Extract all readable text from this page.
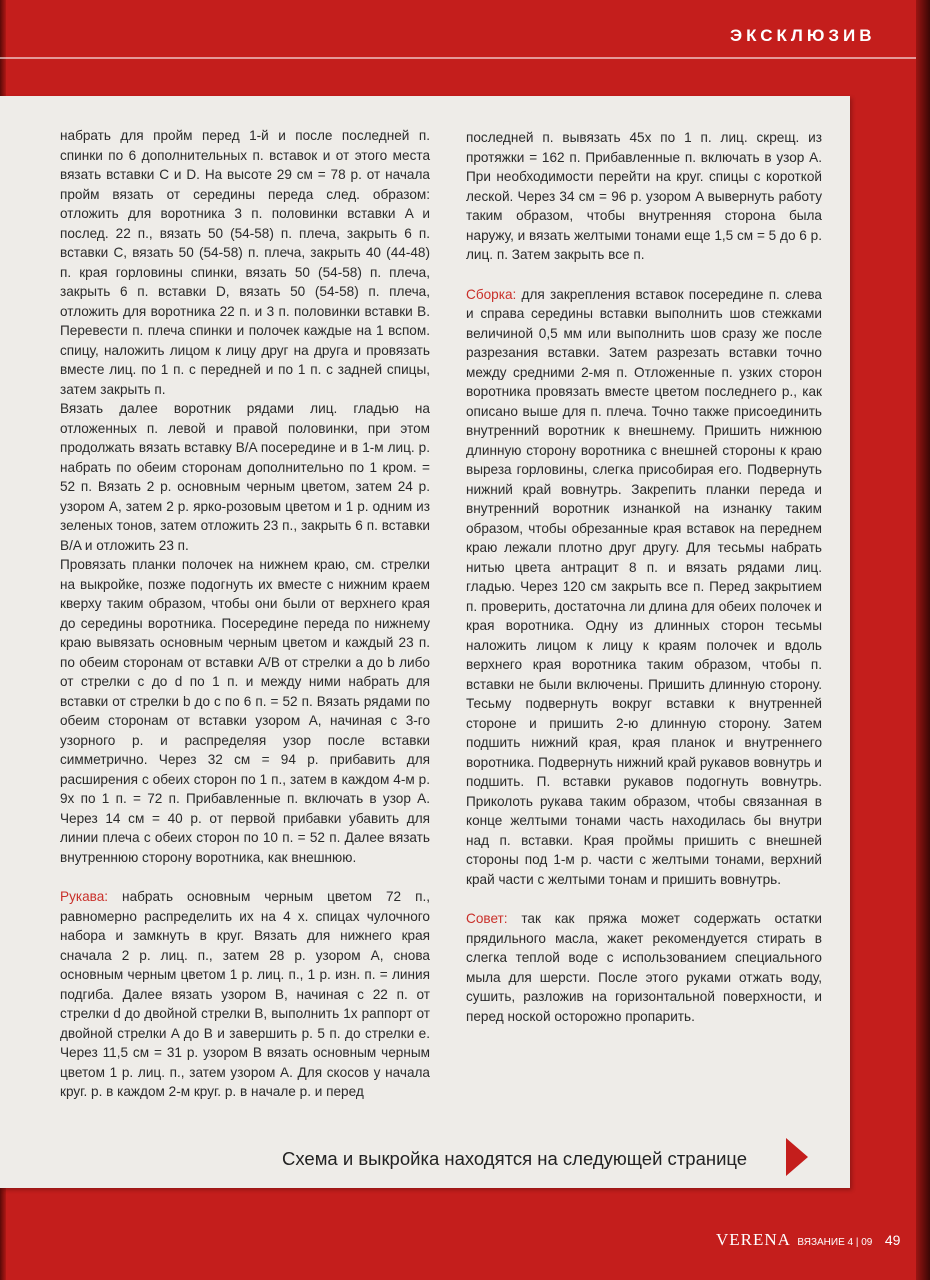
ЭКСКЛЮЗИВ

набрать для пройм перед 1-й и после последней п. спинки по 6 дополнительных п. вставок и от этого места вязать вставки C и D. На высоте 29 см = 78 р. от начала пройм вязать от середины переда след. образом: отложить для воротника 3 п. половинки вставки A и послед. 22 п., вязать 50 (54-58) п. плеча, закрыть 6 п. вставки C, вязать 50 (54-58) п. плеча, закрыть 40 (44-48) п. края горловины спинки, вязать 50 (54-58) п. плеча, закрыть 6 п. вставки D, вязать 50 (54-58) п. плеча, отложить для воротника 22 п. и 3 п. половинки вставки B. Перевести п. плеча спинки и полочек каждые на 1 вспом. спицу, наложить лицом к лицу друг на друга и провязать вместе лиц. по 1 п. с передней и по 1 п. с задней спицы, затем закрыть п.

Вязать далее воротник рядами лиц. гладью на отложенных п. левой и правой половинки, при этом продолжать вязать вставку B/A посередине и в 1-м лиц. р. набрать по обеим сторонам дополнительно по 1 кром. = 52 п. Вязать 2 р. основным черным цветом, затем 24 р. узором A, затем 2 р. ярко-розовым цветом и 1 р. одним из зеленых тонов, затем отложить 23 п., закрыть 6 п. вставки B/A и отложить 23 п.

Провязать планки полочек на нижнем краю, см. стрелки на выкройке, позже подогнуть их вместе с нижним краем кверху таким образом, чтобы они были от верхнего края до середины воротника. Посередине переда по нижнему краю вывязать основным черным цветом и каждый 23 п. по обеим сторонам от вставки A/B от стрелки a до b либо от стрелки c до d по 1 п. и между ними набрать для вставки от стрелки b до c по 6 п. = 52 п. Вязать рядами по обеим сторонам от вставки узором A, начиная с 3-го узорного р. и распределяя узор после вставки симметрично. Через 32 см = 94 р. прибавить для расширения с обеих сторон по 1 п., затем в каждом 4-м р. 9х по 1 п. = 72 п. Прибавленные п. включать в узор A. Через 14 см = 40 р. от первой прибавки убавить для линии плеча с обеих сторон по 10 п. = 52 п. Далее вязать внутреннюю сторону воротника, как внешнюю.

Рукава: набрать основным черным цветом 72 п., равномерно распределить их на 4 х. спицах чулочного набора и замкнуть в круг. Вязать для нижнего края сначала 2 р. лиц. п., затем 28 р. узором A, снова основным черным цветом 1 р. лиц. п., 1 р. изн. п. = линия подгиба. Далее вязать узором B, начиная с 22 п. от стрелки d до двойной стрелки B, выполнить 1х раппорт от двойной стрелки A до B и завершить р. 5 п. до стрелки e. Через 11,5 см = 31 р. узором B вязать основным черным цветом 1 р. лиц. п., затем узором A. Для скосов у начала круг. р. в каждом 2-м круг. р. в начале р. и перед

последней п. вывязать 45х по 1 п. лиц. скрещ. из протяжки = 162 п. Прибавленные п. включать в узор A. При необходимости перейти на круг. спицы с короткой леской. Через 34 см = 96 р. узором A вывернуть работу таким образом, чтобы внутренняя сторона была наружу, и вязать желтыми тонами еще 1,5 см = 5 до 6 р. лиц. п. Затем закрыть все п.

Сборка: для закрепления вставок посередине п. слева и справа середины вставки выполнить шов стежками величиной 0,5 мм или выполнить шов сразу же после разрезания вставки. Затем разрезать вставки точно между средними 2-мя п. Отложенные п. узких сторон воротника провязать вместе цветом последнего р., как описано выше для п. плеча. Точно также присоединить внутренний воротник к внешнему. Пришить нижнюю длинную сторону воротника с внешней стороны к краю выреза горловины, слегка присобирая его. Подвернуть нижний край вовнутрь. Закрепить планки переда и внутренний воротник изнанкой на изнанку таким образом, чтобы обрезанные края вставок на переднем краю лежали плотно друг другу. Для тесьмы набрать нитью цвета антрацит 8 п. и вязать рядами лиц. гладью. Через 120 см закрыть все п. Перед закрытием п. проверить, достаточна ли длина для обеих полочек и края воротника. Одну из длинных сторон тесьмы наложить лицом к лицу к краям полочек и вдоль верхнего края воротника таким образом, чтобы п. вставки не были включены. Пришить длинную сторону. Тесьму подвернуть вокруг вставки к внутренней стороне и пришить 2-ю длинную сторону. Затем подшить нижний края, края планок и внутреннего воротника. Подвернуть нижний край рукавов вовнутрь и подшить. П. вставки рукавов подогнуть вовнутрь. Приколоть рукава таким образом, чтобы связанная в конце желтыми тонами часть находилась бы внутри над п. вставки. Края проймы пришить с внешней стороны под 1-м р. части с желтыми тонами, верхний край части с желтыми тонам и пришить вовнутрь.

Совет: так как пряжа может содержать остатки прядильного масла, жакет рекомендуется стирать в слегка теплой воде с использованием специального мыла для шерсти. После этого руками отжать воду, сушить, разложив на горизонтальной поверхности, и перед ноской осторожно пропарить.

Схема и выкройка находятся на следующей странице
VERENA ВЯЗАНИЕ 4 | 09 49
